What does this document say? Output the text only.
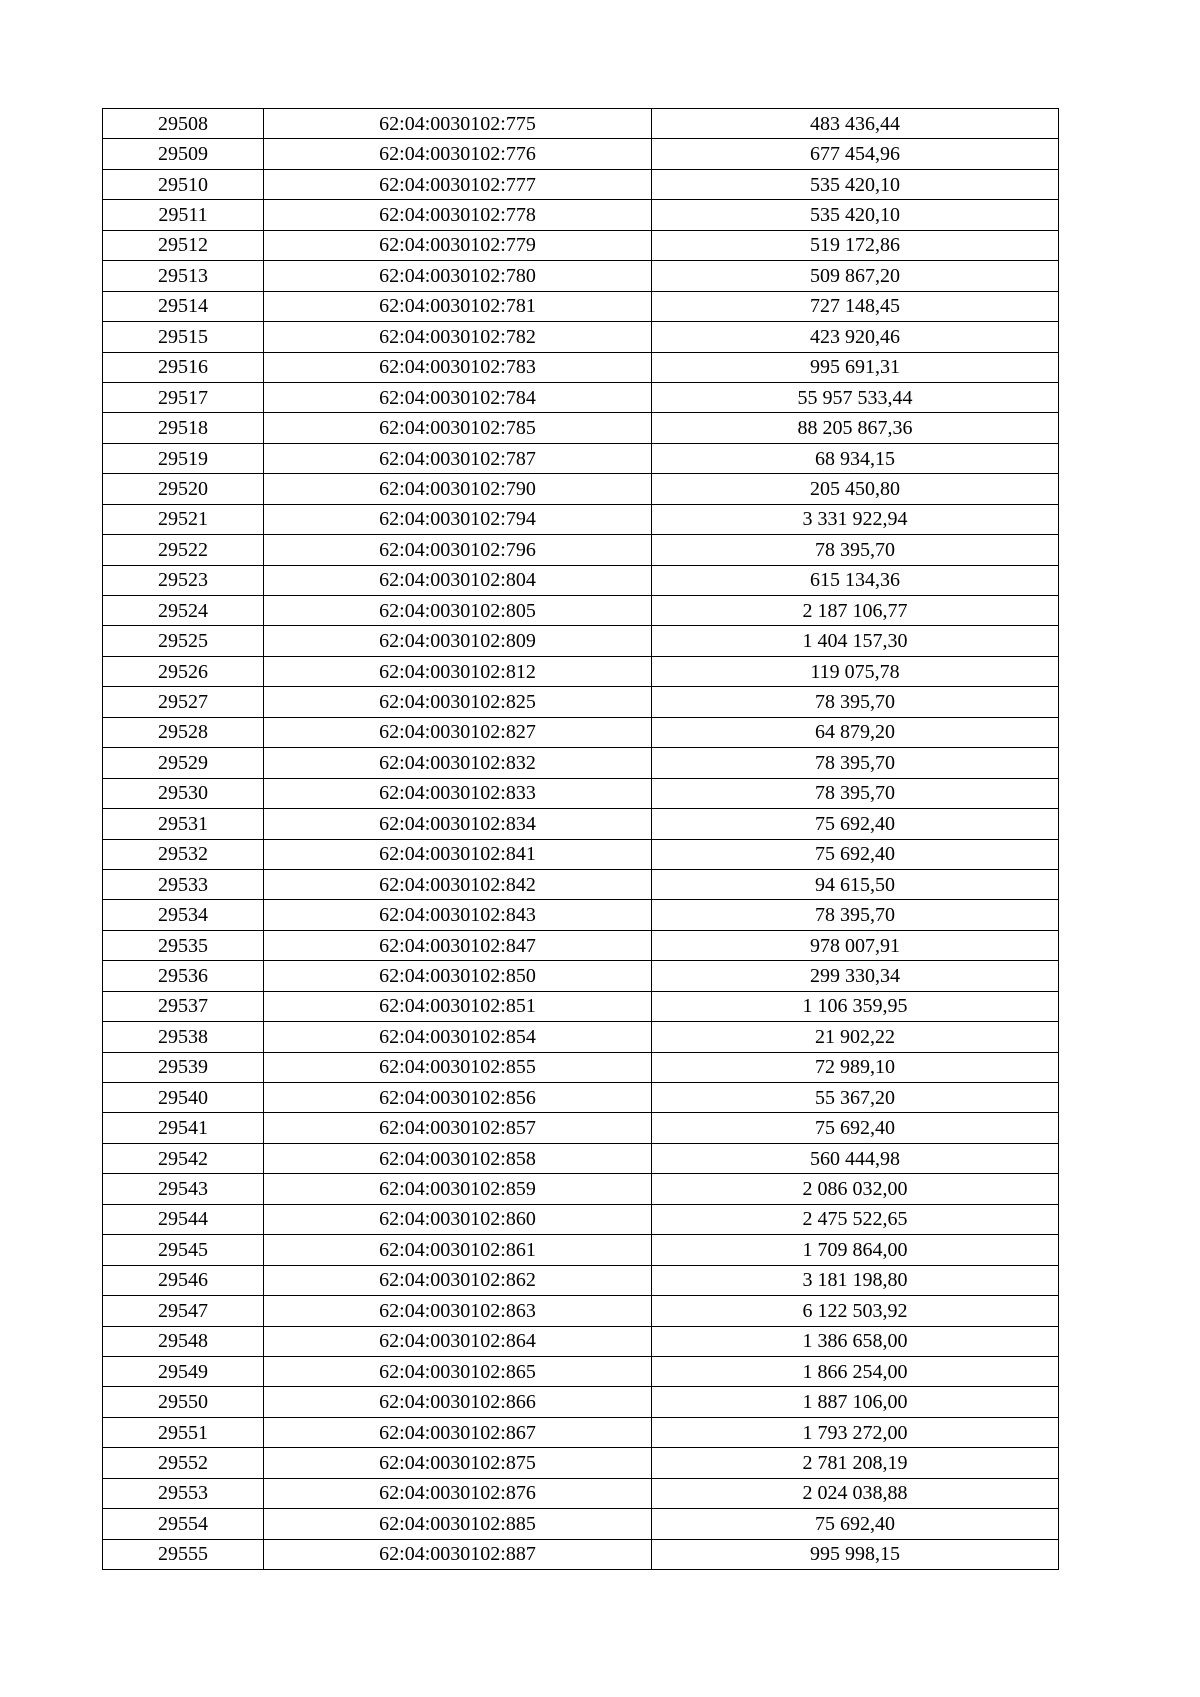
29508	62:04:0030102:775	483 436,44
29509	62:04:0030102:776	677 454,96
29510	62:04:0030102:777	535 420,10
29511	62:04:0030102:778	535 420,10
29512	62:04:0030102:779	519 172,86
29513	62:04:0030102:780	509 867,20
29514	62:04:0030102:781	727 148,45
29515	62:04:0030102:782	423 920,46
29516	62:04:0030102:783	995 691,31
29517	62:04:0030102:784	55 957 533,44
29518	62:04:0030102:785	88 205 867,36
29519	62:04:0030102:787	68 934,15
29520	62:04:0030102:790	205 450,80
29521	62:04:0030102:794	3 331 922,94
29522	62:04:0030102:796	78 395,70
29523	62:04:0030102:804	615 134,36
29524	62:04:0030102:805	2 187 106,77
29525	62:04:0030102:809	1 404 157,30
29526	62:04:0030102:812	119 075,78
29527	62:04:0030102:825	78 395,70
29528	62:04:0030102:827	64 879,20
29529	62:04:0030102:832	78 395,70
29530	62:04:0030102:833	78 395,70
29531	62:04:0030102:834	75 692,40
29532	62:04:0030102:841	75 692,40
29533	62:04:0030102:842	94 615,50
29534	62:04:0030102:843	78 395,70
29535	62:04:0030102:847	978 007,91
29536	62:04:0030102:850	299 330,34
29537	62:04:0030102:851	1 106 359,95
29538	62:04:0030102:854	21 902,22
29539	62:04:0030102:855	72 989,10
29540	62:04:0030102:856	55 367,20
29541	62:04:0030102:857	75 692,40
29542	62:04:0030102:858	560 444,98
29543	62:04:0030102:859	2 086 032,00
29544	62:04:0030102:860	2 475 522,65
29545	62:04:0030102:861	1 709 864,00
29546	62:04:0030102:862	3 181 198,80
29547	62:04:0030102:863	6 122 503,92
29548	62:04:0030102:864	1 386 658,00
29549	62:04:0030102:865	1 866 254,00
29550	62:04:0030102:866	1 887 106,00
29551	62:04:0030102:867	1 793 272,00
29552	62:04:0030102:875	2 781 208,19
29553	62:04:0030102:876	2 024 038,88
29554	62:04:0030102:885	75 692,40
29555	62:04:0030102:887	995 998,15
